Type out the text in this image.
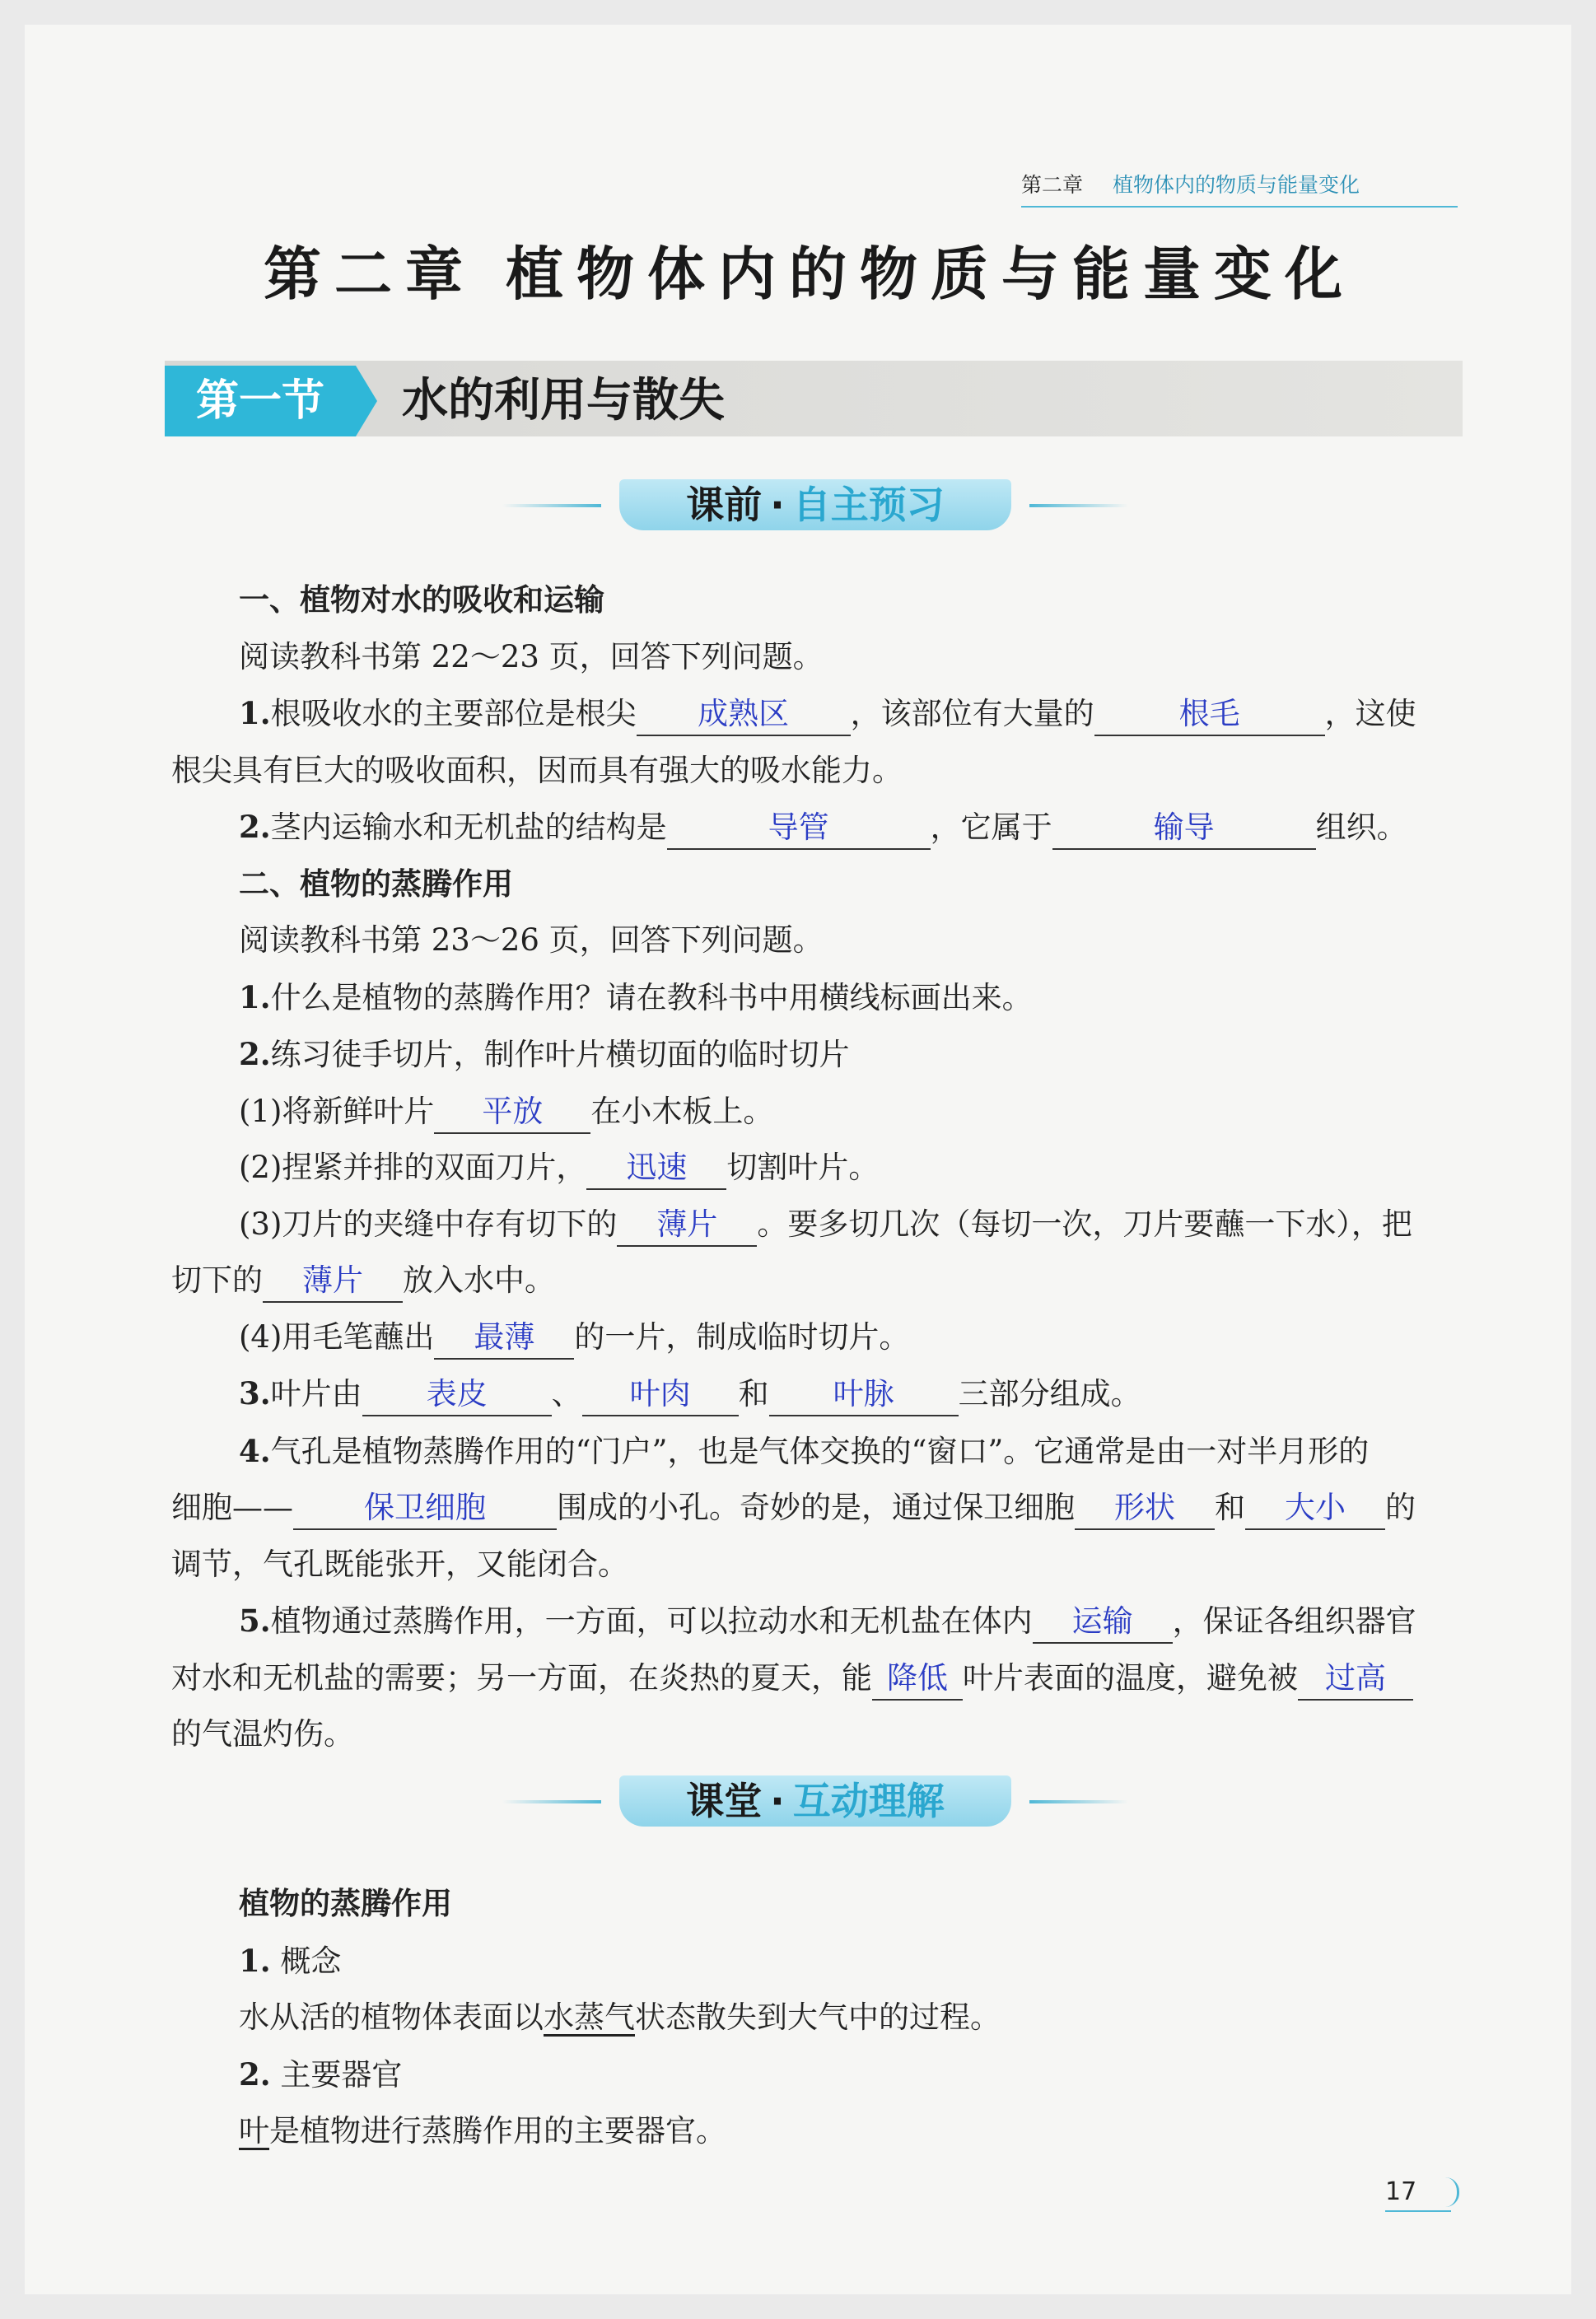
第二章 植物体内的物质与能量变化
第二章 植物体内的物质与能量变化
第一节	水的利用与散失
课前 · 自主预习

一、植物对水的吸收和运输

阅读教科书第 22～23 页，回答下列问题。

1.根吸收水的主要部位是根尖 成熟区 ，该部位有大量的	根毛	，这使

根尖具有巨大的吸收面积，因而具有强大的吸水能力。

2.茎内运输水和无机盐的结构是	导管	，它属于	输导	组织。

二、植物的蒸腾作用

阅读教科书第 23～26 页，回答下列问题。

1.什么是植物的蒸腾作用？请在教科书中用横线标画出来。

2.练习徒手切片，制作叶片横切面的临时切片

(1)将新鲜叶片 平放 在小木板上。

(2)捏紧并排的双面刀片， 迅速 切割叶片。

(3)刀片的夹缝中存有切下的 薄片 。要多切几次（每切一次，刀片要蘸一下水），把

切下的 薄片 放入水中。

(4)用毛笔蘸出 最薄 的一片，制成临时切片。

3.叶片由 表皮 、 叶肉 和 叶脉 三部分组成。

4.气孔是植物蒸腾作用的“门户”，也是气体交换的“窗口”。它通常是由一对半月形的

细胞—— 保卫细胞 围成的小孔。奇妙的是，通过保卫细胞 形状 和 大小 的

调节，气孔既能张开，又能闭合。

5.植物通过蒸腾作用，一方面，可以拉动水和无机盐在体内 运输 ，保证各组织器官

对水和无机盐的需要；另一方面，在炎热的夏天，能 降低 叶片表面的温度，避免被 过高

的气温灼伤。

课堂 · 互动理解

植物的蒸腾作用

1. 概念

水从活的植物体表面以水蒸气状态散失到大气中的过程。

2. 主要器官

叶是植物进行蒸腾作用的主要器官。

17
